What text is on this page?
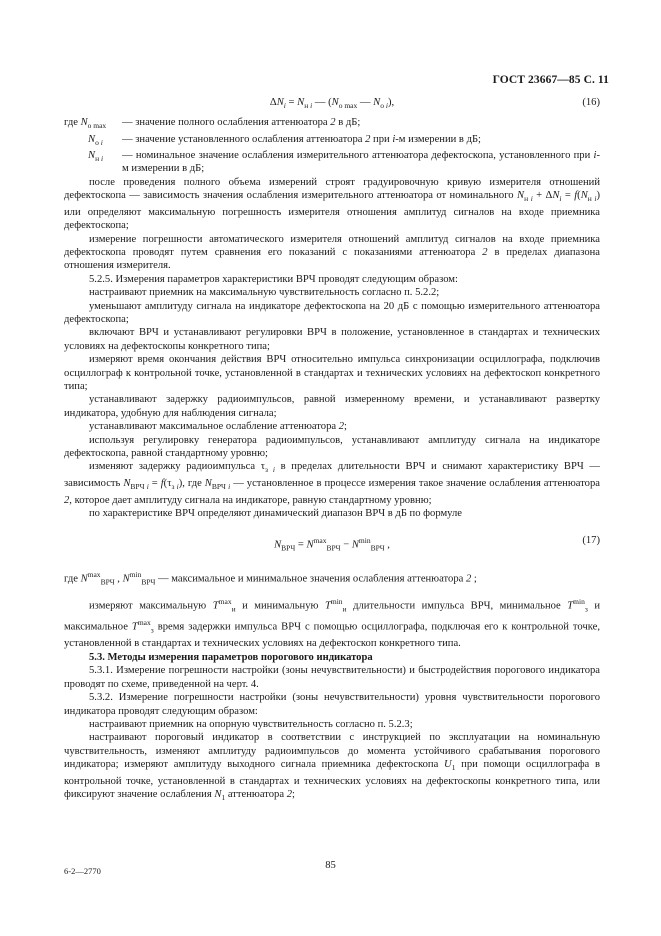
ГОСТ 23667—85 С. 11
$\Delta N_i = N_{н i}$ — ($N_{o max}$ — $N_{o i}$),	(16)
где $N_{o max}$	— значение полного ослабления аттенюатора 2 в дБ;
$N_{o i}$	— значение установленного ослабления аттенюатора 2 при i-м измерении в дБ;
$N_{н i}$	— номинальное значение ослабления измерительного аттенюатора дефектоскопа, установленного при i-м измерении в дБ;

после проведения полного объема измерений строят градуировочную кривую измерителя отношений дефектоскопа — зависимость значения ослабления измерительного аттенюатора от номинального $N_{н i} + \Delta N_i = f(N_{н i})$ или определяют максимальную погрешность измерителя отношения амплитуд сигналов на входе приемника дефектоскопа;

измерение погрешности автоматического измерителя отношений амплитуд сигналов на входе приемника дефектоскопа проводят путем сравнения его показаний с показаниями аттенюатора 2 в пределах диапазона отношения измерителя.

5.2.5. Измерения параметров характеристики ВРЧ проводят следующим образом:

настраивают приемник на максимальную чувствительность согласно п. 5.2.2;

уменьшают амплитуду сигнала на индикаторе дефектоскопа на 20 дБ с помощью измерительного аттенюатора дефектоскопа;

включают ВРЧ и устанавливают регулировки ВРЧ в положение, установленное в стандартах и технических условиях на дефектоскопы конкретного типа;

измеряют время окончания действия ВРЧ относительно импульса синхронизации осциллографа, подключив осциллограф к контрольной точке, установленной в стандартах и технических условиях на дефектоскоп конкретного типа;

устанавливают задержку радиоимпульсов, равной измеренному времени, и устанавливают развертку индикатора, удобную для наблюдения сигнала;

устанавливают максимальное ослабление аттенюатора 2;

используя регулировку генератора радиоимпульсов, устанавливают амплитуду сигнала на индикаторе дефектоскопа, равной стандартному уровню;

изменяют задержку радиоимпульса $\tau_{з i}$ в пределах длительности ВРЧ и снимают характеристику ВРЧ — зависимость $N_{ВРЧ i} = f(\tau_{з i})$, где $N_{ВРЧ i}$ — установленное в процессе измерения такое значение ослабления аттенюатора 2, которое дает амплитуду сигнала на индикаторе, равную стандартному уровню;

по характеристике ВРЧ определяют динамический диапазон ВРЧ в дБ по формуле

$N_{ВРЧ} = N^{max}_{ВРЧ} - N^{min}_{ВРЧ}$ ,	(17)

где $N^{max}_{ВРЧ}$ , $N^{min}_{ВРЧ}$ — максимальное и минимальное значения ослабления аттенюатора 2 ;

измеряют максимальную $T^{max}_и$ и минимальную $T^{min}_и$ длительности импульса ВРЧ, минимальное $T^{min}_з$ и максимальное $T^{max}_з$ время задержки импульса ВРЧ с помощью осциллографа, подключая его к контрольной точке, установленной в стандартах и технических условиях на дефектоскоп конкретного типа.

5.3. Методы измерения параметров порогового индикатора

5.3.1. Измерение погрешности настройки (зоны нечувствительности) и быстродействия порогового индикатора проводят по схеме, приведенной на черт. 4.

5.3.2. Измерение погрешности настройки (зоны нечувствительности) уровня чувствительности порогового индикатора проводят следующим образом:

настраивают приемник на опорную чувствительность согласно п. 5.2.3;

настраивают пороговый индикатор в соответствии с инструкцией по эксплуатации на номинальную чувствительность, изменяют амплитуду радиоимпульсов до момента устойчивого срабатывания порогового индикатора; измеряют амплитуду выходного сигнала приемника дефектоскопа $U_1$ при помощи осциллографа в контрольной точке, установленной в стандартах и технических условиях на дефектоскопы конкретного типа, или фиксируют значение ослабления $N_1$ аттенюатора 2;

6-2—2770	85
